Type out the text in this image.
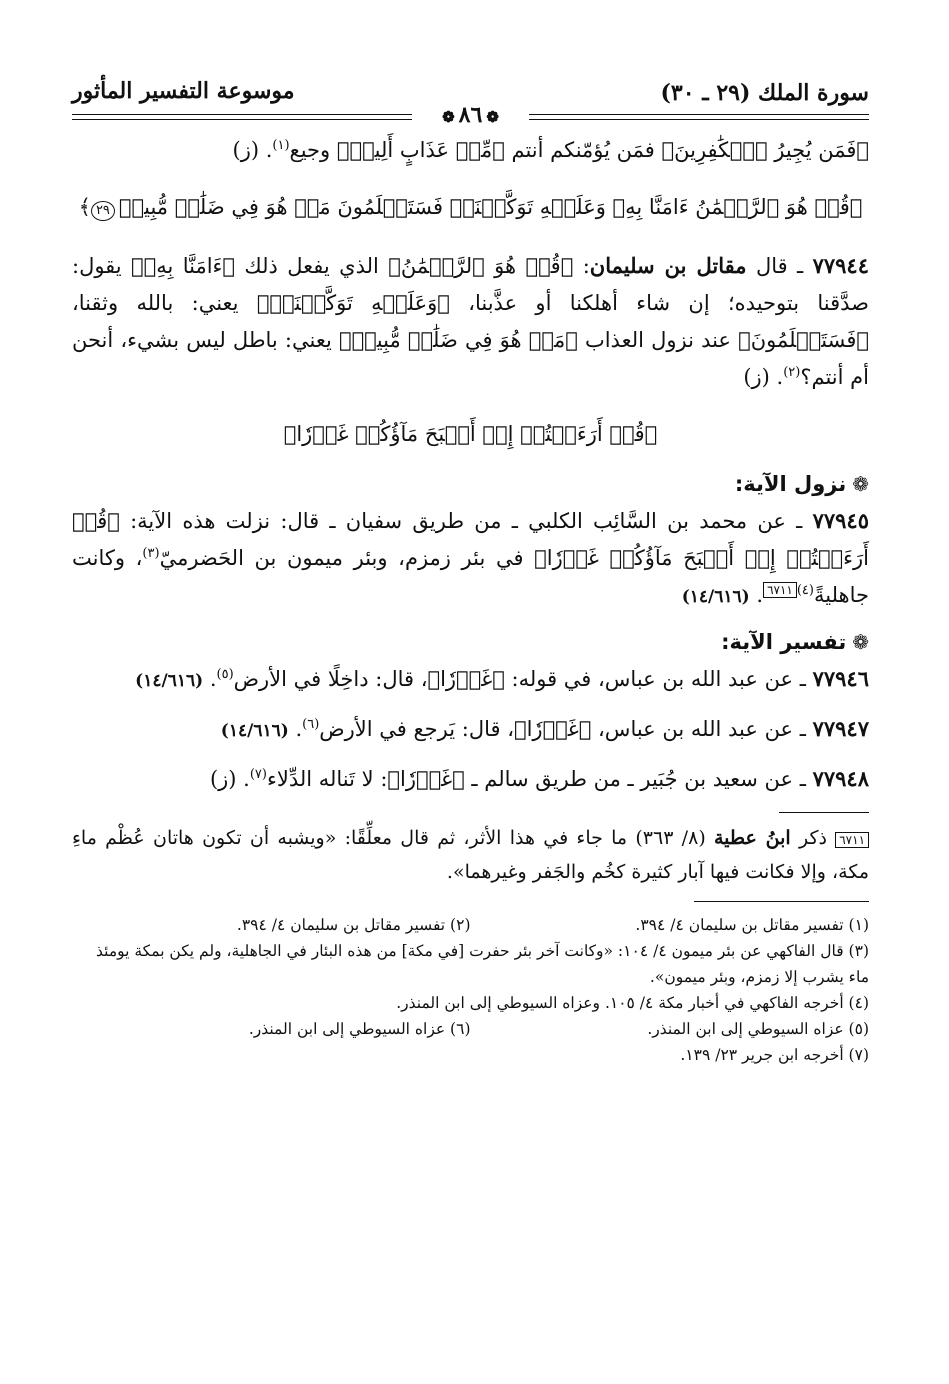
سورة الملك (٢٩ ـ ٣٠)
موسوعة التفسير المأثور
❁٨٦❁

﴿فَمَن يُجِيرُ ٱلۡكَٰفِرِينَ﴾ فمَن يُؤمّنكم أنتم ﴿مِّنۡ عَذَابٍ أَلِيمٖ﴾ وجيع$^{(١)}$. (ز)

﴿قُلۡ هُوَ ٱلرَّحۡمَٰنُ ءَامَنَّا بِهِۦ وَعَلَيۡهِ تَوَكَّلۡنَاۖ فَسَتَعۡلَمُونَ مَنۡ هُوَ فِي ضَلَٰلٖ مُّبِينٖ٢٩﴾

٧٧٩٤٤ ـ قال مقاتل بن سليمان: ﴿قُلۡ هُوَ ٱلرَّحۡمَٰنُ﴾ الذي يفعل ذلك ﴿ءَامَنَّا بِهِۦ﴾ يقول: صدَّقنا بتوحيده؛ إن شاء أهلكنا أو عذَّبنا، ﴿وَعَلَيۡهِ تَوَكَّلۡنَاۖ﴾ يعني: بالله وثقنا، ﴿فَسَتَعۡلَمُونَ﴾ عند نزول العذاب ﴿مَنۡ هُوَ فِي ضَلَٰلٖ مُّبِينٖ﴾ يعني: باطل ليس بشيء، أنحن أم أنتم؟$^{(٢)}$. (ز)

﴿قُلۡ أَرَءَيۡتُمۡ إِنۡ أَصۡبَحَ مَآؤُكُمۡ غَوۡرٗا﴾
❁نزول الآية:

٧٧٩٤٥ ـ عن محمد بن السَّائِب الكلبي ـ من طريق سفيان ـ قال: نزلت هذه الآية: ﴿قُلۡ أَرَءَيۡتُمۡ إِنۡ أَصۡبَحَ مَآؤُكُمۡ غَوۡرٗا﴾ في بئر زمزم، وبئر ميمون بن الحَضرميّ$^{(٣)}$، وكانت جاهليةً$^{(٤)}$٦٧١١. (١٤/٦١٦)

❁تفسير الآية:

٧٧٩٤٦ ـ عن عبد الله بن عباس، في قوله: ﴿غَوۡرٗا﴾، قال: داخِلًا في الأرض$^{(٥)}$. (١٤/٦١٦)

٧٧٩٤٧ ـ عن عبد الله بن عباس، ﴿غَوۡرٗا﴾، قال: يَرجع في الأرض$^{(٦)}$. (١٤/٦١٦)

٧٧٩٤٨ ـ عن سعيد بن جُبَير ـ من طريق سالم ـ ﴿غَوۡرٗا﴾: لا تَناله الدِّلاء$^{(٧)}$. (ز)

٦٧١١ ذكر ابنُ عطية (٨/ ٣٦٣) ما جاء في هذا الأثر، ثم قال معلِّقًا: «ويشبه أن تكون هاتان عُظْم ماءِ مكة، وإلا فكانت فيها آبار كثيرة كخُم والجَفر وغيرهما».

(١) تفسير مقاتل بن سليمان ٤/ ٣٩٤.
(٢) تفسير مقاتل بن سليمان ٤/ ٣٩٤.
(٣) قال الفاكهي عن بئر ميمون ٤/ ١٠٤: «وكانت آخر بئر حفرت [في مكة] من هذه البئار في الجاهلية، ولم يكن بمكة يومئذ ماء يشرب إلا زمزم، وبئر ميمون».
(٤) أخرجه الفاكهي في أخبار مكة ٤/ ١٠٥. وعزاه السيوطي إلى ابن المنذر.
(٥) عزاه السيوطي إلى ابن المنذر.
(٦) عزاه السيوطي إلى ابن المنذر.
(٧) أخرجه ابن جرير ٢٣/ ١٣٩.
